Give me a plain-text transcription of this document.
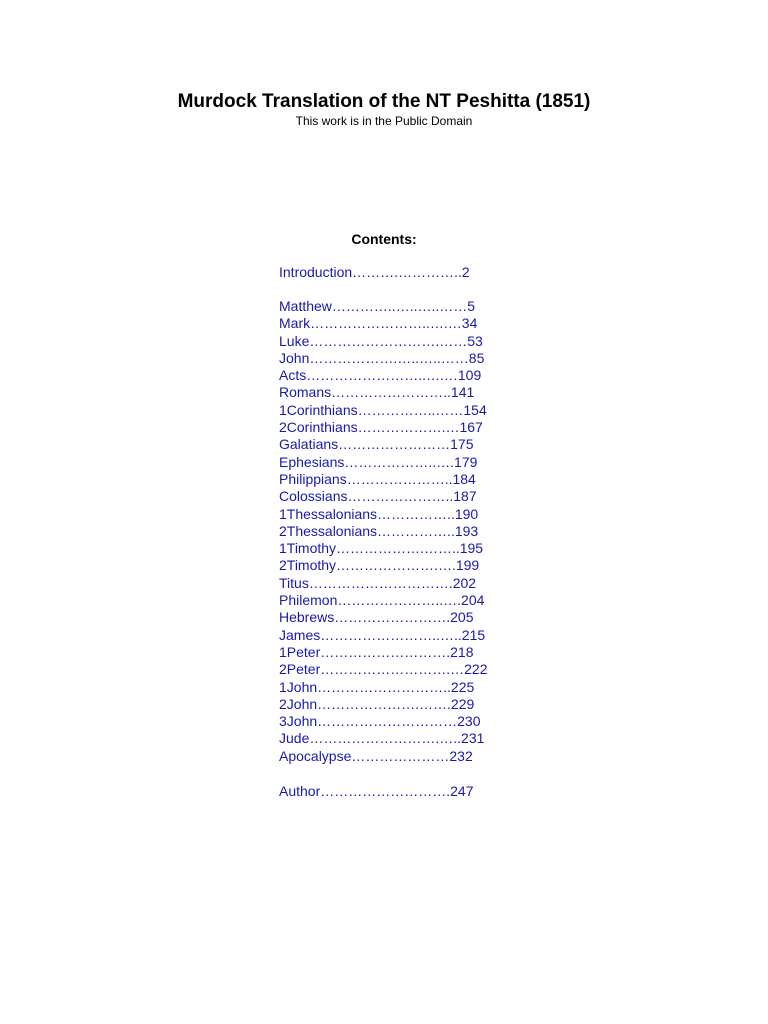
Murdock Translation of the NT Peshitta (1851)
This work is in the Public Domain
Contents:
Introduction……….…………..2
Matthew…………..…..…..……5
Mark……………………..….…34
Luke……………………….……53
John……………….…..…..……85
Acts……………………..….…109
Romans……………………..141
1Corinthians……………..……154
2Corinthians……………….…167
Galatians……………………175
Ephesians………………..….179
Philippians…………………..184
Colossians…………………..187
1Thessalonians……………..190
2Thessalonians……………..193
1Timothy……………….……..195
2Timothy………………….….199
Titus………………………….202
Philemon…………………..….204
Hebrews…………………….205
James……………………..…..215
1Peter……………………….218
2Peter……………………….…222
1John………………………..225
2John………………….…….229
3John…………………………230
Jude……………………….…..231
Apocalypse…………………232
Author……………………….247
